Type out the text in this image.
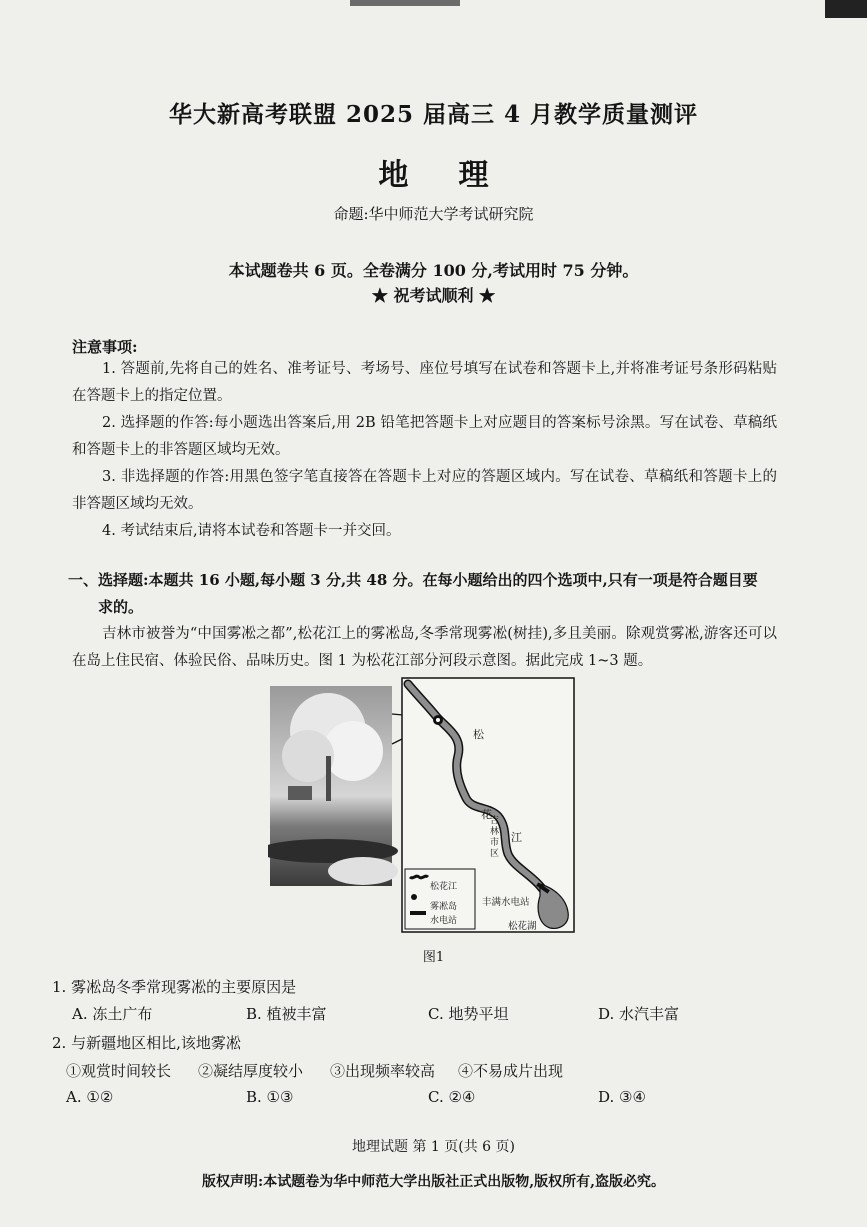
华大新高考联盟 2025 届高三 4 月教学质量测评
地理
命题:华中师范大学考试研究院
本试题卷共 6 页。全卷满分 100 分,考试用时 75 分钟。
★ 祝考试顺利 ★
注意事项:

1. 答题前,先将自己的姓名、准考证号、考场号、座位号填写在试卷和答题卡上,并将准考证号条形码粘贴在答题卡上的指定位置。

2. 选择题的作答:每小题选出答案后,用 2B 铅笔把答题卡上对应题目的答案标号涂黑。写在试卷、草稿纸和答题卡上的非答题区域均无效。

3. 非选择题的作答:用黑色签字笔直接答在答题卡上对应的答题区域内。写在试卷、草稿纸和答题卡上的非答题区域均无效。

4. 考试结束后,请将本试卷和答题卡一并交回。

一、选择题:本题共 16 小题,每小题 3 分,共 48 分。在每小题给出的四个选项中,只有一项是符合题目要
求的。

吉林市被誉为“中国雾凇之都”,松花江上的雾凇岛,冬季常现雾凇(树挂),多且美丽。除观赏雾凇,游客还可以在岛上住民宿、体验民俗、品味历史。图 1 为松花江部分河段示意图。据此完成 1~3 题。

松
花
江
吉林市区
丰满水电站
松花湖
松花江
雾凇岛
水电站
图1
1. 雾凇岛冬季常现雾凇的主要原因是
A. 冻土广布	B. 植被丰富	C. 地势平坦	D. 水汽丰富
2. 与新疆地区相比,该地雾凇
①观赏时间较长 ②凝结厚度较小 ③出现频率较高 ④不易成片出现
A. ①②	B. ①③	C. ②④	D. ③④
地理试题 第 1 页(共 6 页)
版权声明:本试题卷为华中师范大学出版社正式出版物,版权所有,盗版必究。
